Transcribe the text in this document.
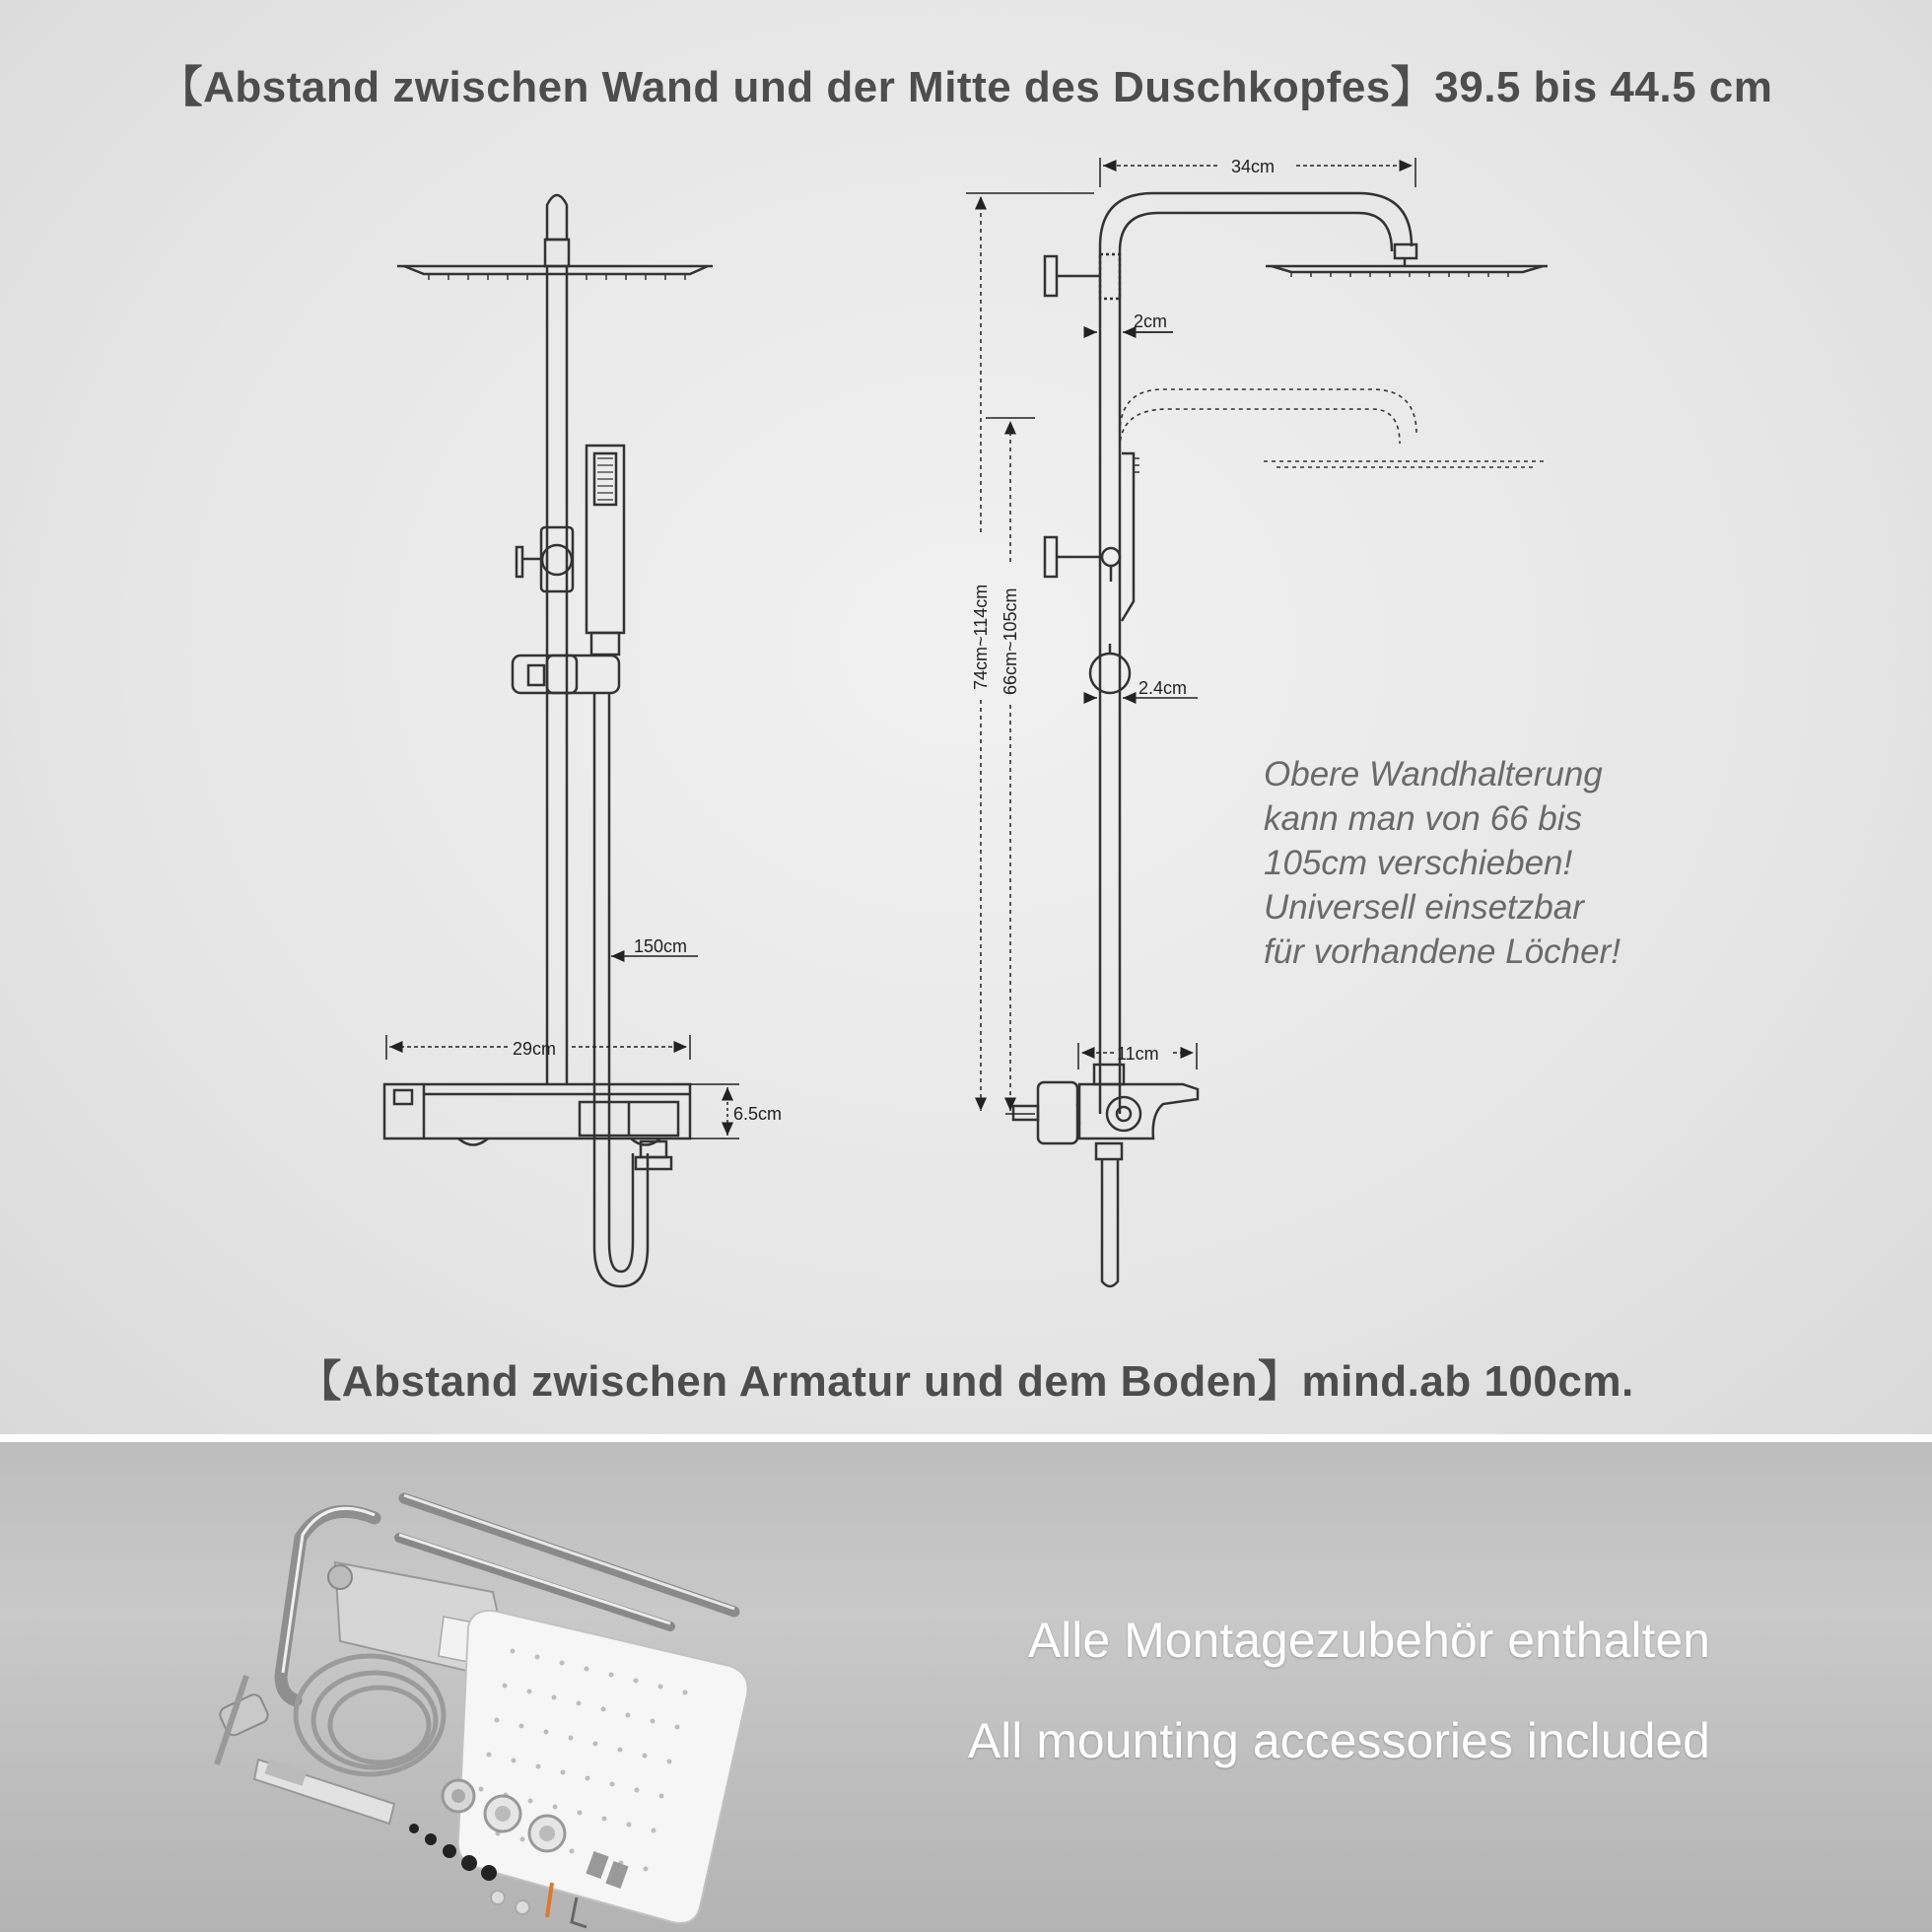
【Abstand zwischen Wand und der Mitte des Duschkopfes】39.5 bis 44.5 cm
29cm
6.5cm
150cm
34cm
2cm
2.4cm
11cm
74cm~114cm 66cm~105cm
Obere Wandhalterung
kann man von 66 bis
105cm verschieben!
Universell einsetzbar
für vorhandene Löcher!
【Abstand zwischen Armatur und dem Boden】mind.ab 100cm.
Alle Montagezubehör enthalten
All mounting accessories included
